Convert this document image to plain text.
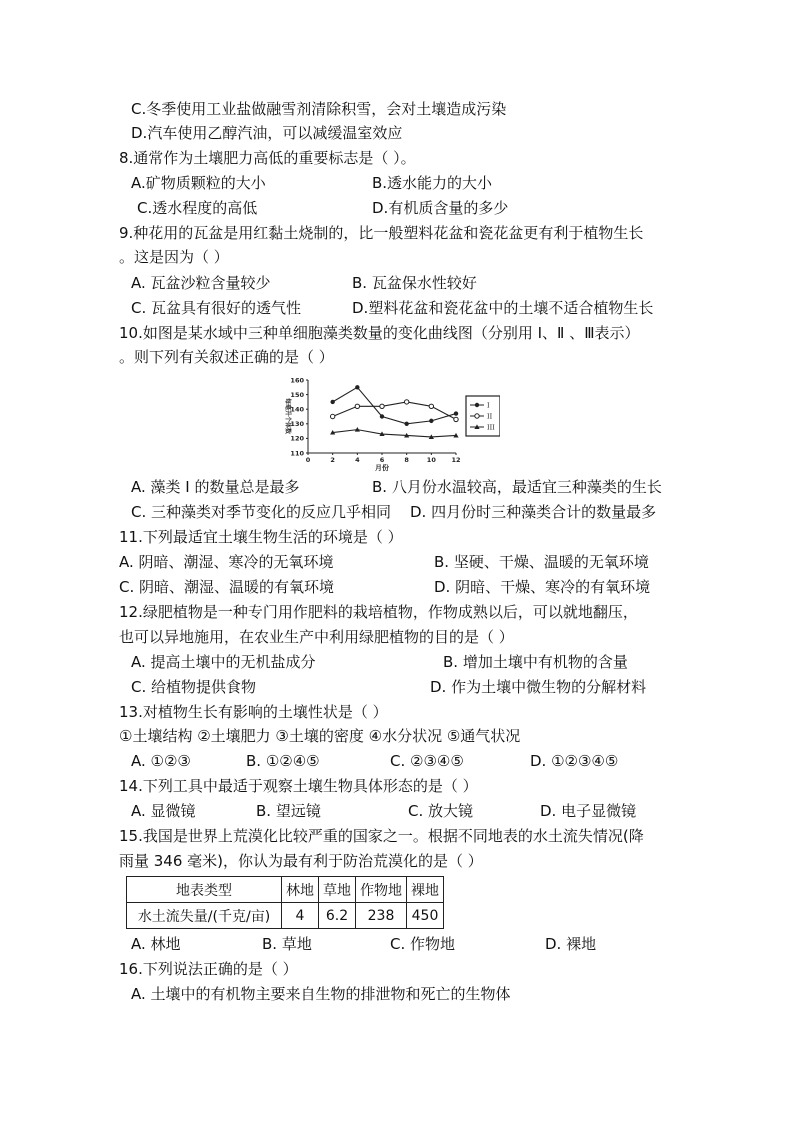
C.冬季使用工业盐做融雪剂清除积雪，会对土壤造成污染
D.汽车使用乙醇汽油，可以减缓温室效应
8.通常作为土壤肥力高低的重要标志是（ ）。
A.矿物质颗粒的大小	B.透水能力的大小
C.透水程度的高低	D.有机质含量的多少
9.种花用的瓦盆是用红黏土烧制的，比一般塑料花盆和瓷花盆更有利于植物生长
。这是因为（ ）
A. 瓦盆沙粒含量较少	B. 瓦盆保水性较好
C. 瓦盆具有很好的透气性	D.塑料花盆和瓷花盆中的土壤不适合植物生长
10.如图是某水域中三种单细胞藻类数量的变化曲线图（分别用 I、Ⅱ 、Ⅲ表示）
。则下列有关叙述正确的是（ ）
每毫升个体数
月份
110
120
130
140
150
160
0	2	4	6	8	10 12
I
II
III
A. 藻类 I 的数量总是最多	B. 八月份水温较高，最适宜三种藻类的生长
C. 三种藻类对季节变化的反应几乎相同 D. 四月份时三种藻类合计的数量最多
11.下列最适宜土壤生物生活的环境是（ ）
A. 阴暗、潮湿、寒冷的无氧环境	B. 坚硬、干燥、温暖的无氧环境
C. 阴暗、潮湿、温暖的有氧环境	D. 阴暗、干燥、寒冷的有氧环境
12.绿肥植物是一种专门用作肥料的栽培植物，作物成熟以后，可以就地翻压，
也可以异地施用，在农业生产中利用绿肥植物的目的是（ ）
A. 提高土壤中的无机盐成分	B. 增加土壤中有机物的含量
C. 给植物提供食物	D. 作为土壤中微生物的分解材料
13.对植物生长有影响的土壤性状是（ ）
①土壤结构 ②土壤肥力 ③土壤的密度 ④水分状况 ⑤通气状况
A. ①②③	B. ①②④⑤	C. ②③④⑤	D. ①②③④⑤
14.下列工具中最适于观察土壤生物具体形态的是（ ）
A. 显微镜	B. 望远镜	C. 放大镜	D. 电子显微镜
15.我国是世界上荒漠化比较严重的国家之一。根据不同地表的水土流失情况(降
雨量 346 毫米)，你认为最有利于防治荒漠化的是（ ）
地表类型	林地	草地	作物地	裸地
水土流失量/(千克/亩)	4	6.2	238	450
A. 林地	B. 草地	C. 作物地	D. 裸地
16.下列说法正确的是（ ）
A. 土壤中的有机物主要来自生物的排泄物和死亡的生物体
